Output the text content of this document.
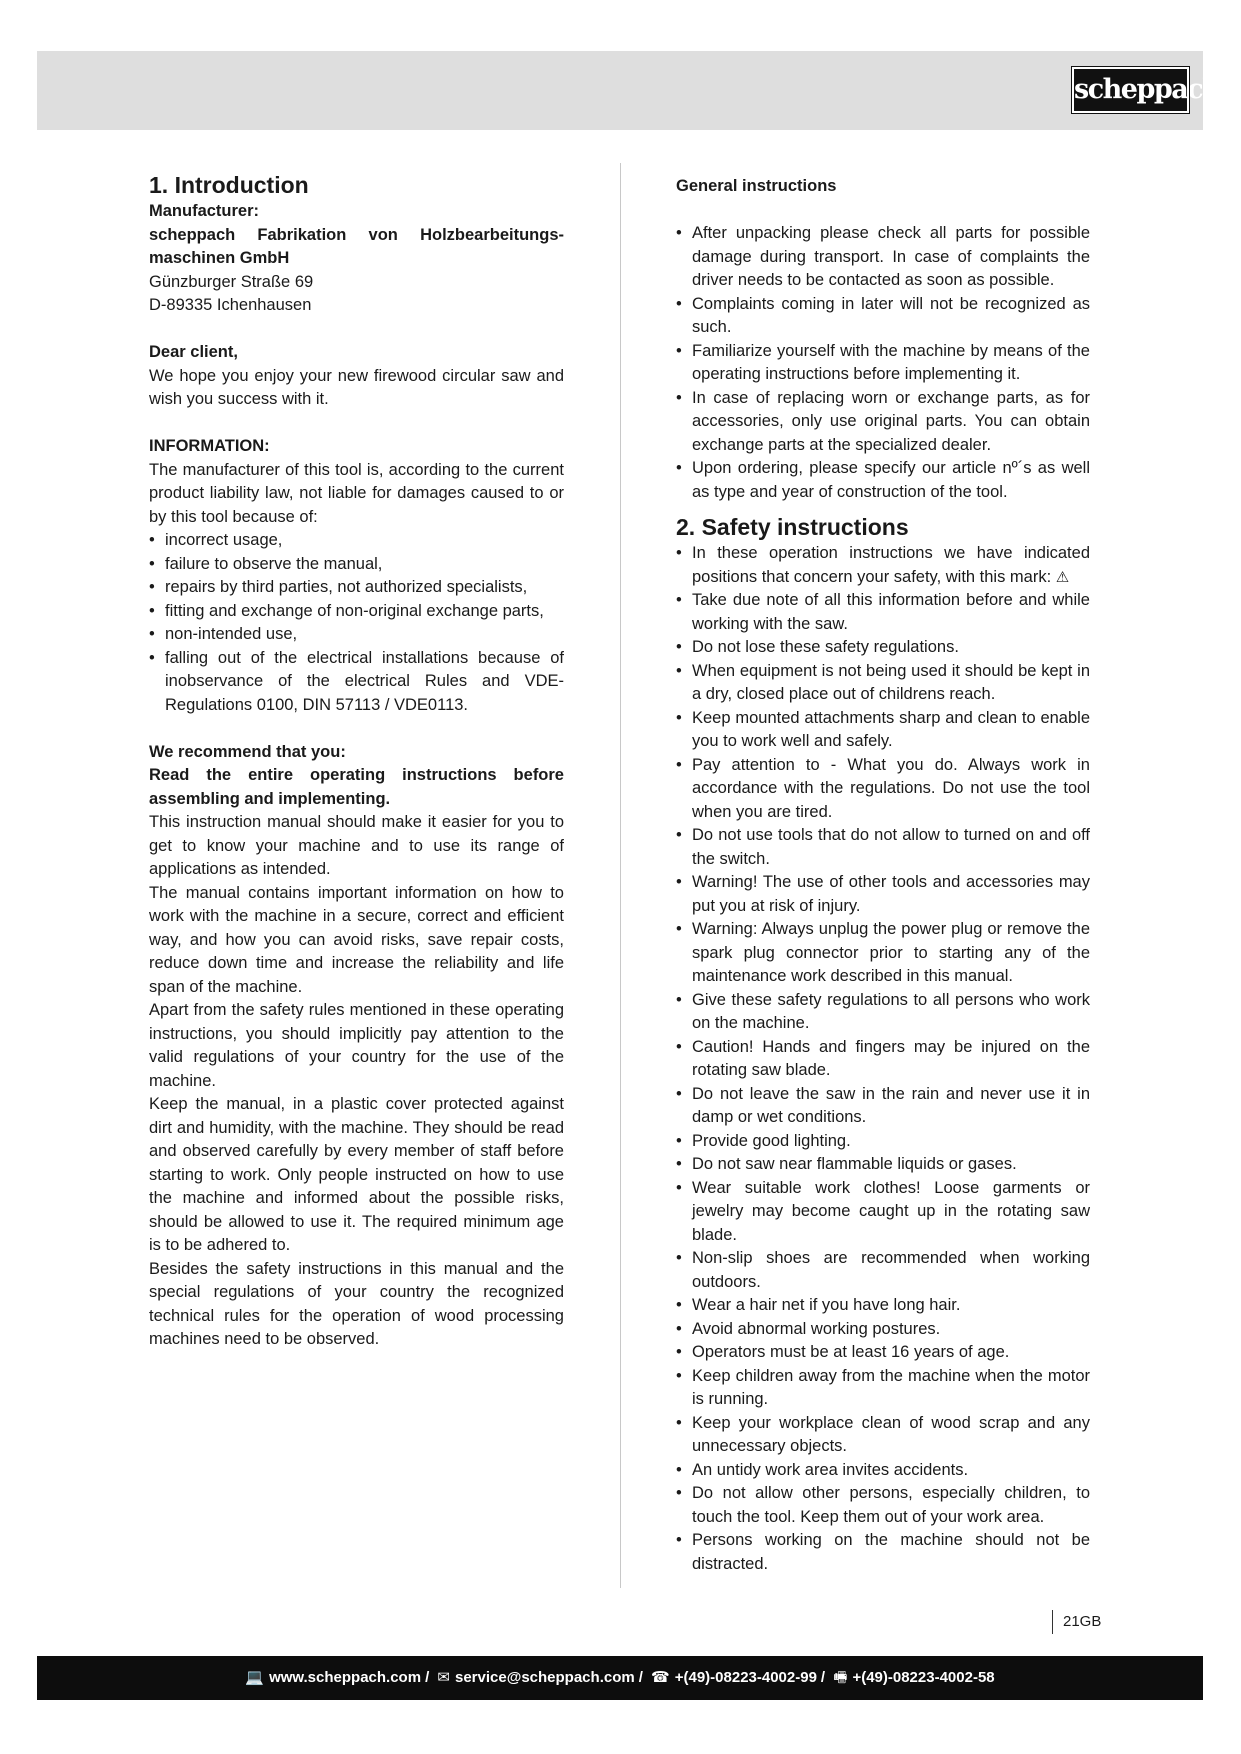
scheppach
1. Introduction
Manufacturer:
scheppach Fabrikation von Holzbearbeitungs-maschinen GmbH
Günzburger Straße 69
D-89335 Ichenhausen
Dear client,
We hope you enjoy your new firewood circular saw and wish you success with it.
INFORMATION:
The manufacturer of this tool is, according to the current product liability law, not liable for damages caused to or by this tool because of:
• incorrect usage,
• failure to observe the manual,
• repairs by third parties, not authorized specialists,
• fitting and exchange of non-original exchange parts,
• non-intended use,
• falling out of the electrical installations because of inobservance of the electrical Rules and VDE-Regulations 0100, DIN 57113 / VDE0113.
We recommend that you:
Read the entire operating instructions before assembling and implementing.
This instruction manual should make it easier for you to get to know your machine and to use its range of applications as intended.
The manual contains important information on how to work with the machine in a secure, correct and efficient way, and how you can avoid risks, save repair costs, reduce down time and increase the reliability and life span of the machine.
Apart from the safety rules mentioned in these operating instructions, you should implicitly pay attention to the valid regulations of your country for the use of the machine.
Keep the manual, in a plastic cover protected against dirt and humidity, with the machine. They should be read and observed carefully by every member of staff before starting to work. Only people instructed on how to use the machine and informed about the possible risks, should be allowed to use it. The required minimum age is to be adhered to.
Besides the safety instructions in this manual and the special regulations of your country the recognized technical rules for the operation of wood processing machines need to be observed.
General instructions
• After unpacking please check all parts for possible damage during transport. In case of complaints the driver needs to be contacted as soon as possible.
• Complaints coming in later will not be recognized as such.
• Familiarize yourself with the machine by means of the operating instructions before implementing it.
• In case of replacing worn or exchange parts, as for accessories, only use original parts. You can obtain exchange parts at the specialized dealer.
• Upon ordering, please specify our article nº´s as well as type and year of construction of the tool.
2. Safety instructions
• In these operation instructions we have indicated positions that concern your safety, with this mark: ⚠
• Take due note of all this information before and while working with the saw.
• Do not lose these safety regulations.
• When equipment is not being used it should be kept in a dry, closed place out of childrens reach.
• Keep mounted attachments sharp and clean to enable you to work well and safely.
• Pay attention to - What you do. Always work in accordance with the regulations. Do not use the tool when you are tired.
• Do not use tools that do not allow to turned on and off the switch.
• Warning! The use of other tools and accessories may put you at risk of injury.
• Warning: Always unplug the power plug or remove the spark plug connector prior to starting any of the maintenance work described in this manual.
• Give these safety regulations to all persons who work on the machine.
• Caution! Hands and fingers may be injured on the rotating saw blade.
• Do not leave the saw in the rain and never use it in damp or wet conditions.
• Provide good lighting.
• Do not saw near flammable liquids or gases.
• Wear suitable work clothes! Loose garments or jewelry may become caught up in the rotating saw blade.
• Non-slip shoes are recommended when working outdoors.
• Wear a hair net if you have long hair.
• Avoid abnormal working postures.
• Operators must be at least 16 years of age.
• Keep children away from the machine when the motor is running.
• Keep your workplace clean of wood scrap and any unnecessary objects.
• An untidy work area invites accidents.
• Do not allow other persons, especially children, to touch the tool. Keep them out of your work area.
• Persons working on the machine should not be distracted.
21GB
💻 www.scheppach.com / ✉ service@scheppach.com / ☎ +(49)-08223-4002-99 / 🖷 +(49)-08223-4002-58
